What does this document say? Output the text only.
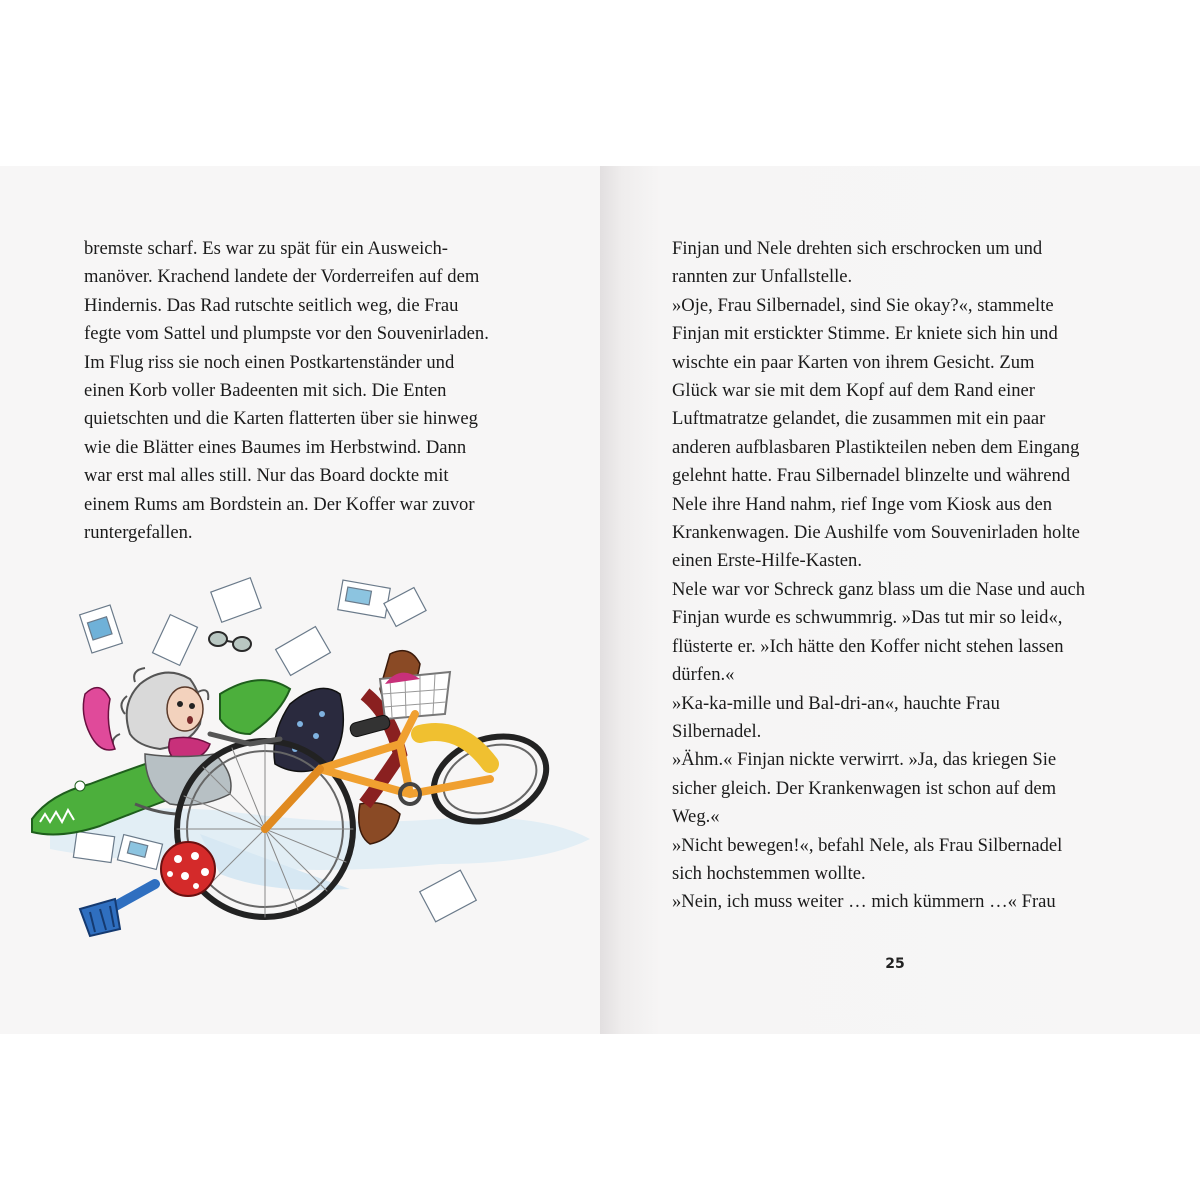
bremste scharf. Es war zu spät für ein Ausweich-
manöver. Krachend landete der Vorderreifen auf dem
Hindernis. Das Rad rutschte seitlich weg, die Frau
fegte vom Sattel und plumpste vor den Souvenirladen.
Im Flug riss sie noch einen Postkartenständer und
einen Korb voller Badeenten mit sich. Die Enten
quietschten und die Karten flatterten über sie hinweg
wie die Blätter eines Baumes im Herbstwind. Dann
war erst mal alles still. Nur das Board dockte mit
einem Rums am Bordstein an. Der Koffer war zuvor
runtergefallen.
Finjan und Nele drehten sich erschrocken um und
rannten zur Unfallstelle.
»Oje, Frau Silbernadel, sind Sie okay?«, stammelte
Finjan mit erstickter Stimme. Er kniete sich hin und
wischte ein paar Karten von ihrem Gesicht. Zum
Glück war sie mit dem Kopf auf dem Rand einer
Luftmatratze gelandet, die zusammen mit ein paar
anderen aufblasbaren Plastikteilen neben dem Eingang
gelehnt hatte. Frau Silbernadel blinzelte und während
Nele ihre Hand nahm, rief Inge vom Kiosk aus den
Krankenwagen. Die Aushilfe vom Souvenirladen holte
einen Erste-Hilfe-Kasten.
Nele war vor Schreck ganz blass um die Nase und auch
Finjan wurde es schwummrig. »Das tut mir so leid«,
flüsterte er. »Ich hätte den Koffer nicht stehen lassen
dürfen.«
»Ka-ka-mille und Bal-dri-an«, hauchte Frau
Silbernadel.
»Ähm.« Finjan nickte verwirrt. »Ja, das kriegen Sie
sicher gleich. Der Krankenwagen ist schon auf dem
Weg.«
»Nicht bewegen!«, befahl Nele, als Frau Silbernadel
sich hochstemmen wollte.
»Nein, ich muss weiter … mich kümmern …« Frau
25
